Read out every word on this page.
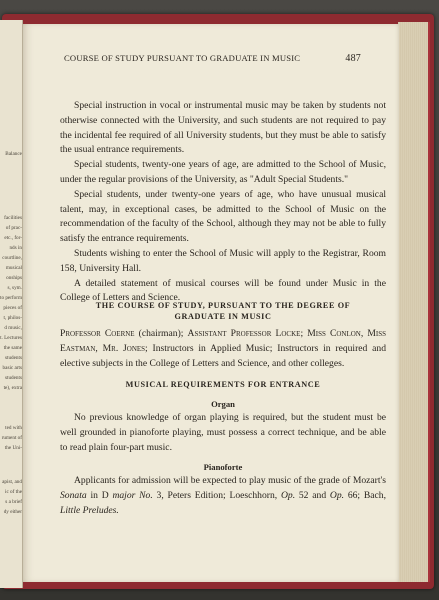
Balance
facilities
of prac-
etc., for-
nds in
courtline,
musical
onships
s, sym.
to perform
pieces of
t, philos-
d music,
t. Lectures
the same
students
basic arts
students
te), extra
ted with
rument of
the Uni-
apist, and
ic of the
s a brief
dy either
COURSE OF STUDY PURSUANT TO GRADUATE IN MUSIC	487

Special instruction in vocal or instrumental music may be taken by students not otherwise connected with the University, and such students are not required to pay the incidental fee required of all University students, but they must be able to satisfy the usual entrance requirements.

Special students, twenty-one years of age, are admitted to the School of Music, under the regular provisions of the University, as "Adult Special Students."

Special students, under twenty-one years of age, who have unusual musical talent, may, in exceptional cases, be admitted to the School of Music on the recommendation of the faculty of the School, although they may not be able to fully satisfy the entrance requirements.

Students wishing to enter the School of Music will apply to the Registrar, Room 158, University Hall.

A detailed statement of musical courses will be found under Music in the College of Letters and Science.

THE COURSE OF STUDY, PURSUANT TO THE DEGREE OF
GRADUATE IN MUSIC

Professor Coerne (chairman); Assistant Professor Locke; Miss Conlon, Miss Eastman, Mr. Jones; Instructors in Applied Music; Instructors in required and elective subjects in the College of Letters and Science, and other colleges.

MUSICAL REQUIREMENTS FOR ENTRANCE
Organ

No previous knowledge of organ playing is required, but the student must be well grounded in pianoforte playing, must possess a correct technique, and be able to read plain four-part music.

Pianoforte

Applicants for admission will be expected to play music of the grade of Mozart's Sonata in D major No. 3, Peters Edition; Loeschhorn, Op. 52 and Op. 66; Bach, Little Preludes.
